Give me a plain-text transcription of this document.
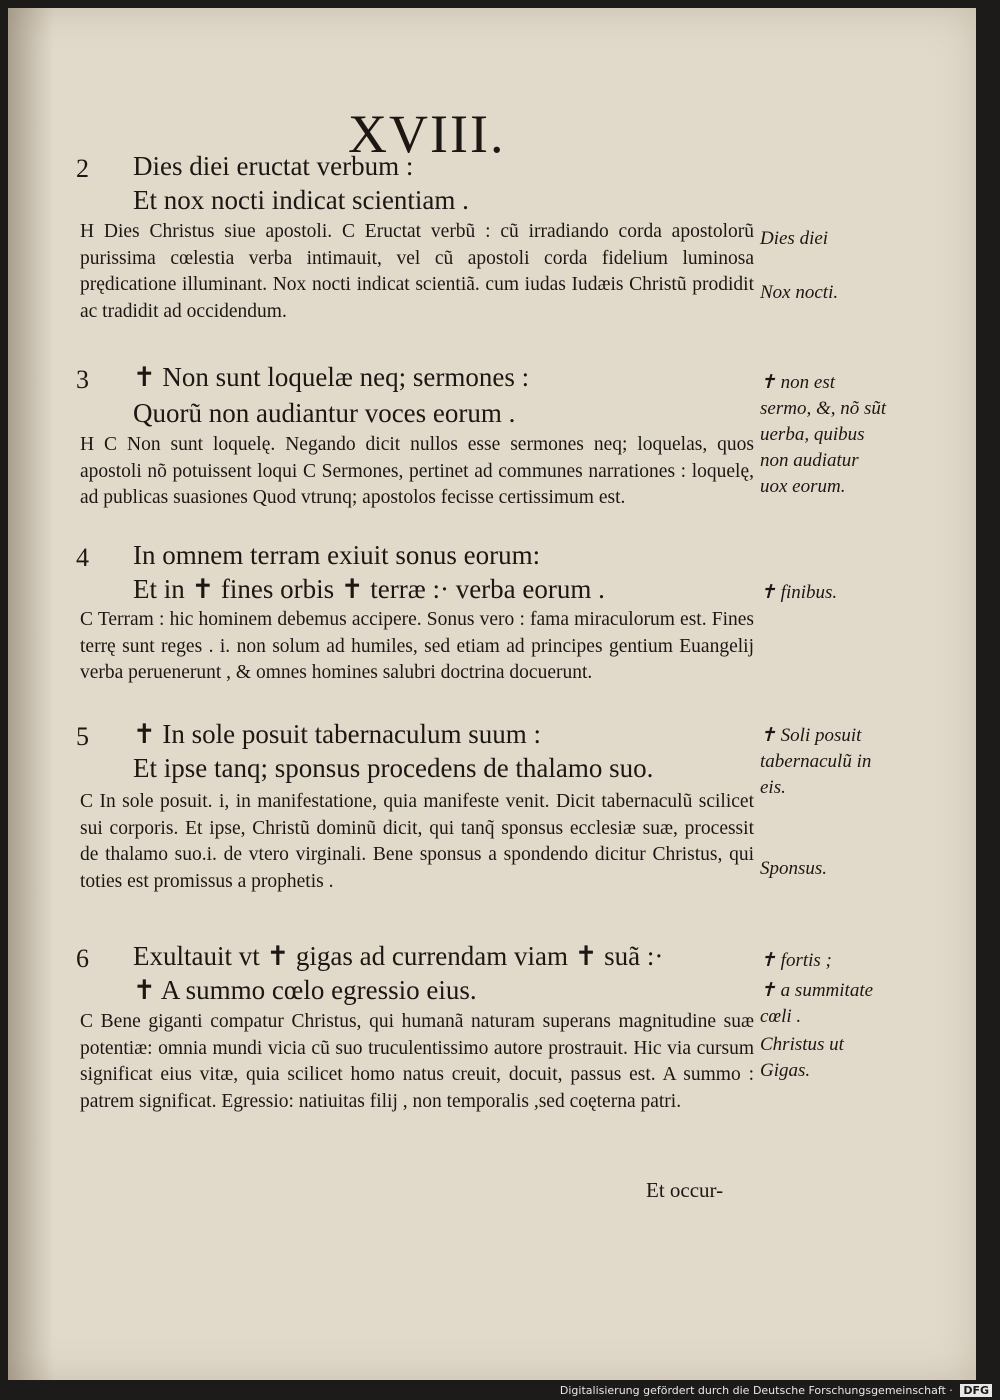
XVIII.
2 Dies diei eructat verbum :
Et nox nocti indicat scientiam .
H Dies Christus siue apostoli. C Eructat verbũ : cũ irradiando corda apostolorũ purissima cœlestia verba intimauit, vel cũ apostoli corda fidelium luminosa prędicatione illuminant. Nox nocti indicat scientiã. cum iudas Iudæis Christũ prodidit ac tradidit ad occidendum.
3 ✝ Non sunt loquelæ neq; sermones :
Quorũ non audiantur voces eorum .
H C Non sunt loquelę. Negando dicit nullos esse sermones neq; loquelas, quos apostoli nõ potuissent loqui C Sermones, pertinet ad communes narrationes : loquelę, ad publicas suasiones Quod vtrunq; apostolos fecisse certissimum est.
4 In omnem terram exiuit sonus eorum:
Et in ✝ fines orbis ✝ terræ :· verba eorum .
C Terram : hic hominem debemus accipere. Sonus vero : fama miraculorum est. Fines terrę sunt reges . i. non solum ad humiles, sed etiam ad principes gentium Euangelij verba peruenerunt , & omnes homines salubri doctrina docuerunt.
5 ✝ In sole posuit tabernaculum suum :
Et ipse tanq; sponsus procedens de thalamo suo.
C In sole posuit. i, in manifestatione, quia manifeste venit. Dicit tabernaculũ scilicet sui corporis. Et ipse, Christũ dominũ dicit, qui tanq̃ sponsus ecclesiæ suæ, processit de thalamo suo.i. de vtero virginali. Bene sponsus a spondendo dicitur Christus, qui toties est promissus a prophetis .
6 Exultauit vt ✝ gigas ad currendam viam ✝ suã :·
✝ A summo cœlo egressio eius.
C Bene giganti compatur Christus, qui humanã naturam superans magnitudine suæ potentiæ: omnia mundi vicia cũ suo truculentissimo autore prostrauit. Hic via cursum significat eius vitæ, quia scilicet homo natus creuit, docuit, passus est. A summo : patrem significat. Egressio: natiuitas filij , non temporalis ,sed coęterna patri.
Dies diei
Nox nocti.
✝ non est sermo, &, nõ sũt uerba, quibus non audiatur uox eorum.
✝ finibus.
✝ Soli posuit tabernaculũ in eis.
Sponsus.
✝ fortis ;
✝ a summitate cœli .
Christus ut Gigas.
Et occur-
Digitalisierung gefördert durch die Deutsche Forschungsgemeinschaft · DFG
